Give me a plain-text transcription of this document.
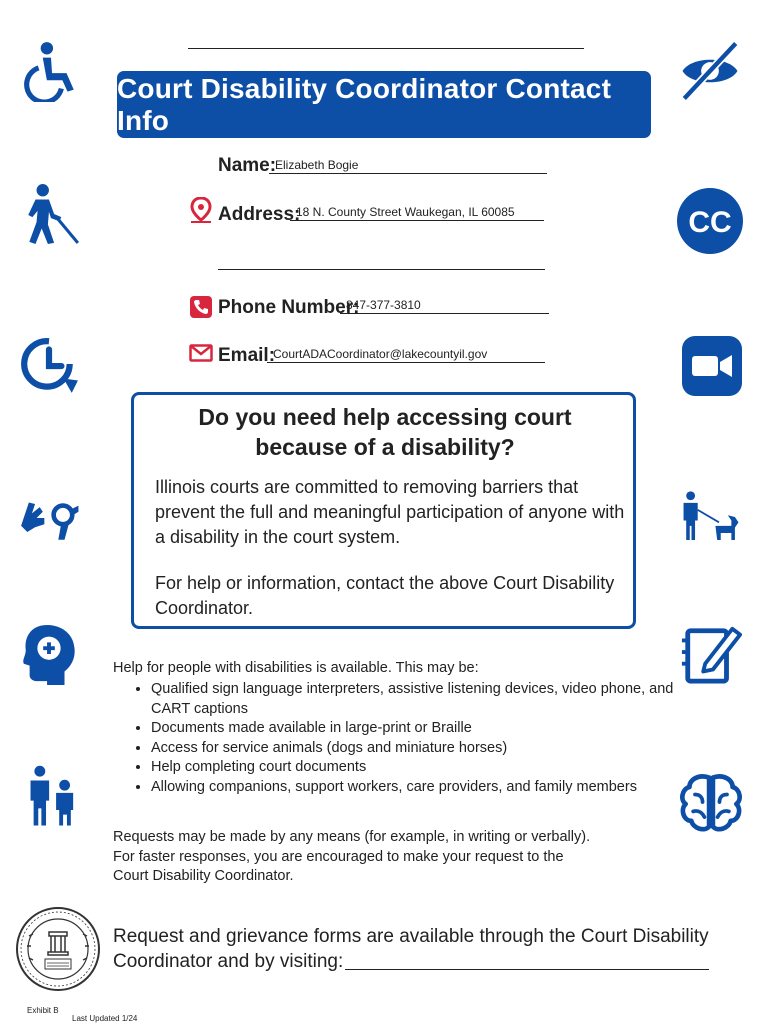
Court Disability Coordinator Contact Info
CC
Name:
Elizabeth Bogie
Address:
18 N. County Street Waukegan, IL 60085
Phone Number:
847-377-3810
Email:
CourtADACoordinator@lakecountyil.gov
Do you need help accessing court
because of a disability?
Illinois courts are committed to removing barriers that prevent the full and meaningful participation of anyone with a disability in the court system.
For help or information, contact the above Court Disability Coordinator.
Help for people with disabilities is available. This may be:
• Qualified sign language interpreters, assistive listening devices, video phone, and CART captions
• Documents made available in large-print or Braille
• Access for service animals (dogs and miniature horses)
• Help completing court documents
• Allowing companions, support workers, care providers, and family members
Requests may be made by any means (for example, in writing or verbally).
For faster responses, you are encouraged to make your request to the
Court Disability Coordinator.
Request and grievance forms are available through the Court Disability
Coordinator and by visiting:
Exhibit B
Last Updated 1/24
